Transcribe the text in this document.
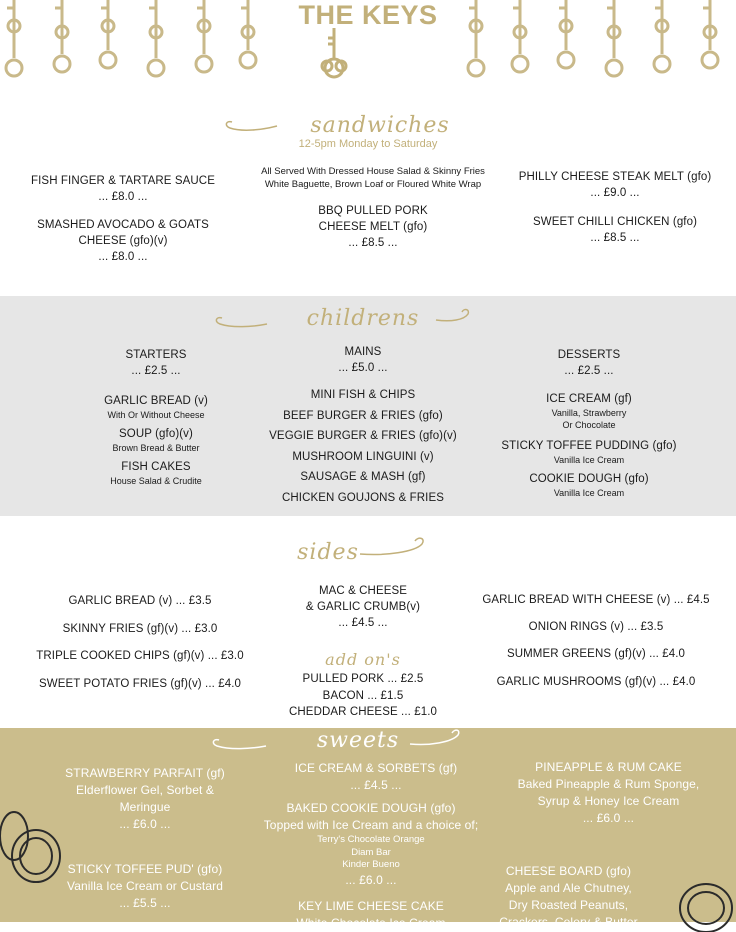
THE KEYS
sandwiches
12-5pm Monday to Saturday
All Served With Dressed House Salad & Skinny Fries
White Baguette, Brown Loaf or Floured White Wrap
FISH FINGER & TARTARE SAUCE
... £8.0 ...
SMASHED AVOCADO & GOATS
CHEESE (gfo)(v)
... £8.0 ...
BBQ PULLED PORK
CHEESE MELT (gfo)
... £8.5 ...
PHILLY CHEESE STEAK MELT (gfo)
... £9.0 ...
SWEET CHILLI CHICKEN (gfo)
... £8.5 ...
childrens
STARTERS
... £2.5 ...
GARLIC BREAD (v)
With Or Without Cheese
SOUP (gfo)(v)
Brown Bread & Butter
FISH CAKES
House Salad & Crudite
MAINS
... £5.0 ...
MINI FISH & CHIPS
BEEF BURGER & FRIES (gfo)
VEGGIE BURGER & FRIES (gfo)(v)
MUSHROOM LINGUINI (v)
SAUSAGE & MASH (gf)
CHICKEN GOUJONS & FRIES
DESSERTS
... £2.5 ...
ICE CREAM (gf)
Vanilla, Strawberry
Or Chocolate
STICKY TOFFEE PUDDING (gfo)
Vanilla Ice Cream
COOKIE DOUGH (gfo)
Vanilla Ice Cream
sides
GARLIC BREAD (v) ... £3.5
SKINNY FRIES (gf)(v) ... £3.0
TRIPLE COOKED CHIPS (gf)(v) ... £3.0
SWEET POTATO FRIES (gf)(v) ... £4.0
MAC & CHEESE
& GARLIC CRUMB(v)
... £4.5 ...
add on's
PULLED PORK ... £2.5
BACON ... £1.5
CHEDDAR CHEESE ... £1.0
GARLIC BREAD WITH CHEESE (v) ... £4.5
ONION RINGS (v) ... £3.5
SUMMER GREENS (gf)(v) ... £4.0
GARLIC MUSHROOMS (gf)(v) ... £4.0
sweets
STRAWBERRY PARFAIT (gf)
Elderflower Gel, Sorbet &
Meringue
... £6.0 ...
STICKY TOFFEE PUD' (gfo)
Vanilla Ice Cream or Custard
... £5.5 ...
ICE CREAM & SORBETS (gf)
... £4.5 ...
BAKED COOKIE DOUGH (gfo)
Topped with Ice Cream and a choice of;
Terry's Chocolate Orange
Diam Bar
Kinder Bueno
... £6.0 ...
KEY LIME CHEESE CAKE
White Chocolate Ice Cream
PINEAPPLE & RUM CAKE
Baked Pineapple & Rum Sponge,
Syrup & Honey Ice Cream
... £6.0 ...
CHEESE BOARD (gfo)
Apple and Ale Chutney,
Dry Roasted Peanuts,
Crackers, Celery & Butter
